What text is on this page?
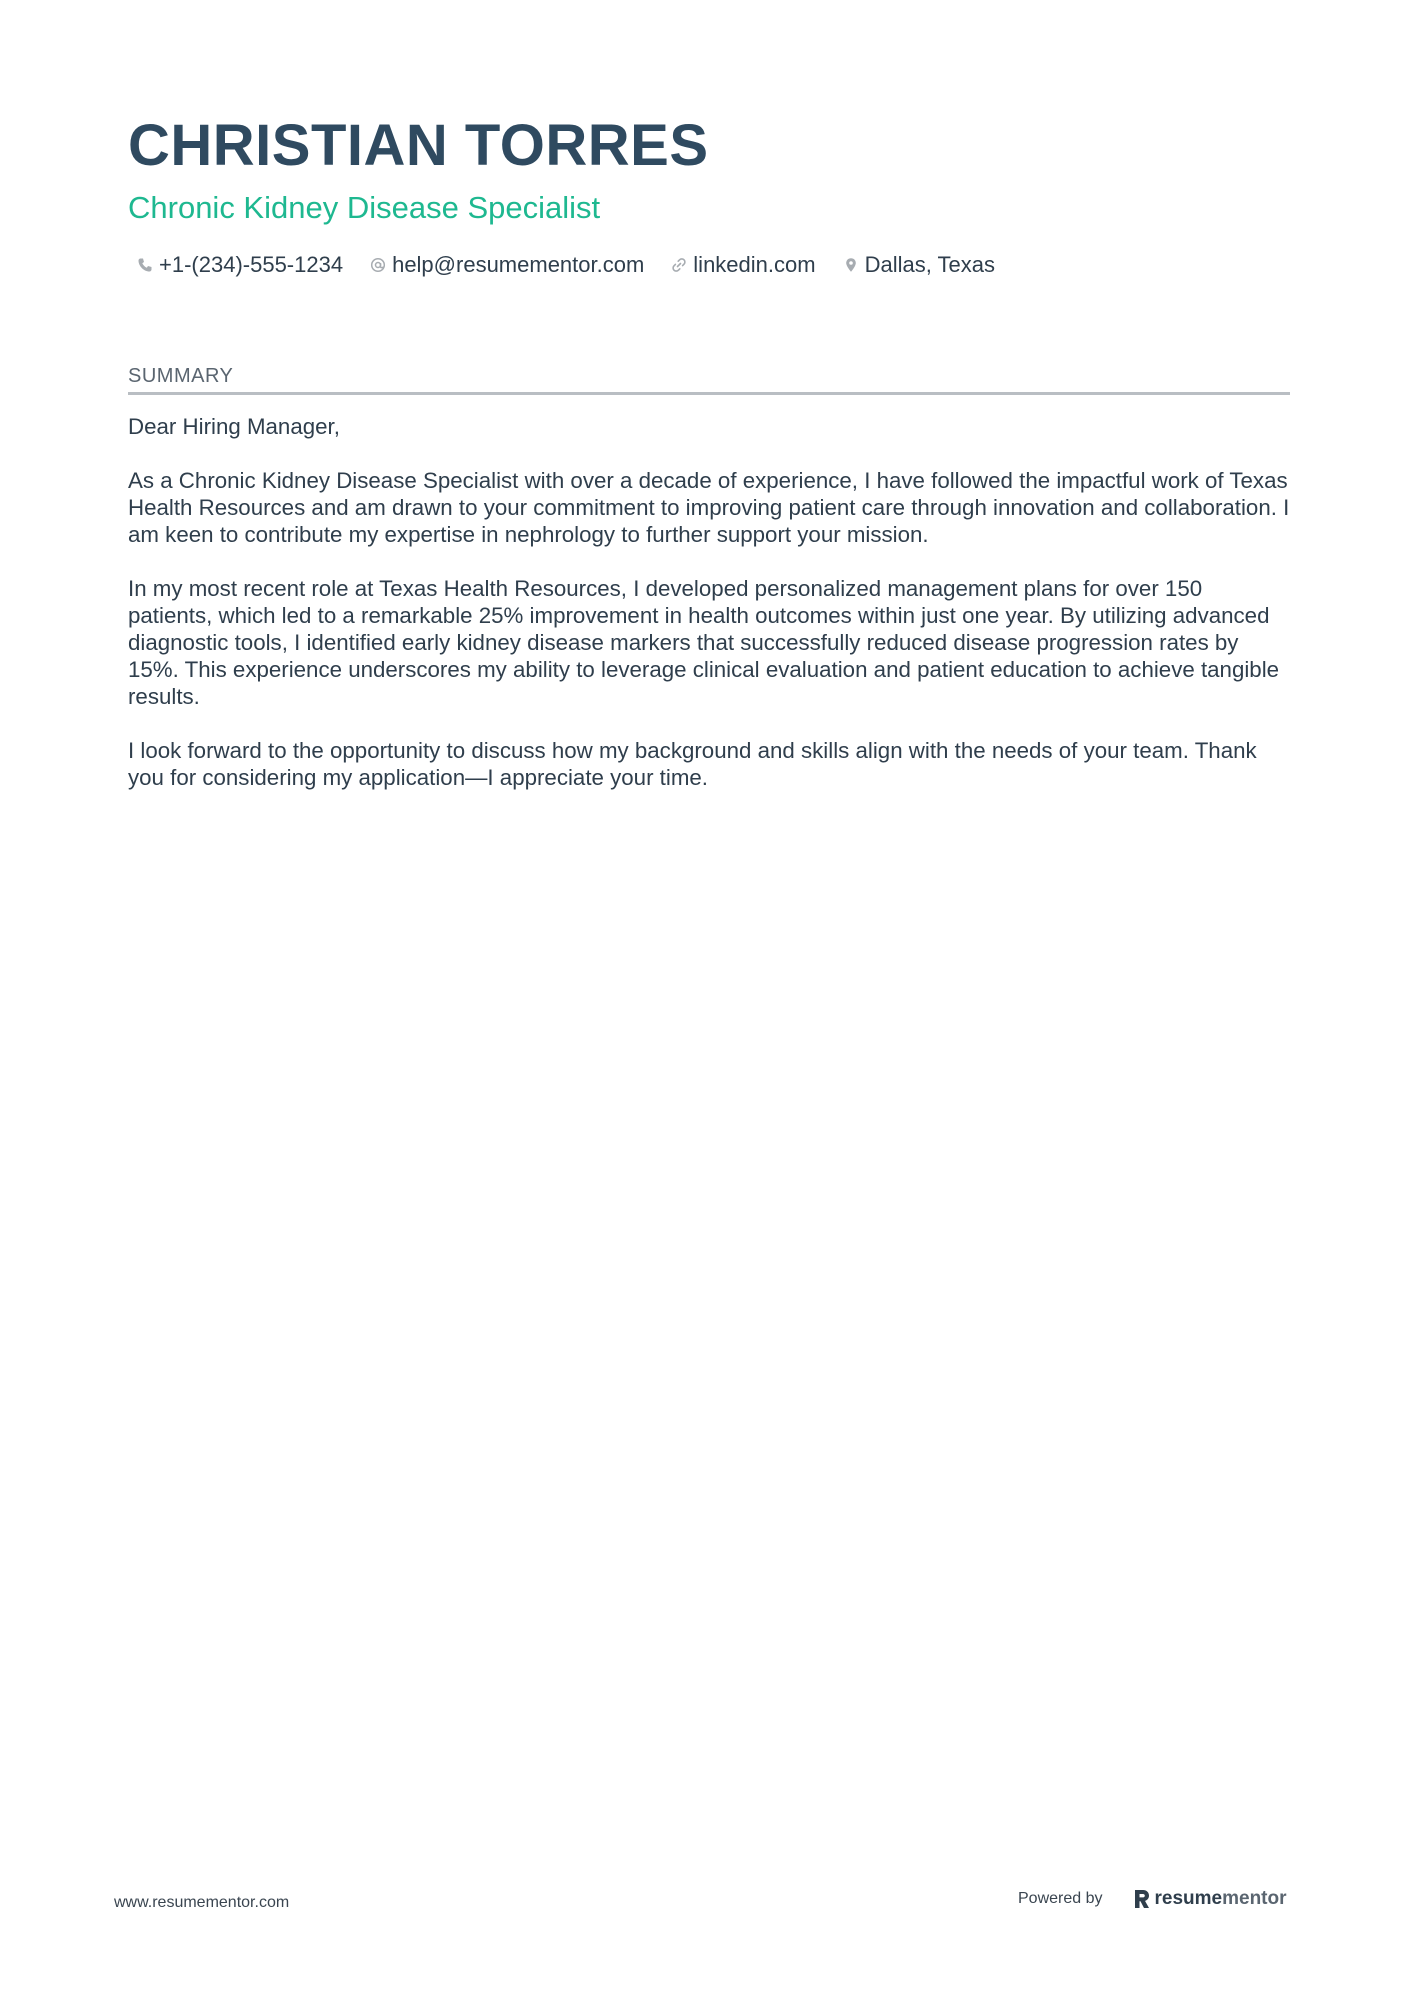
CHRISTIAN TORRES
Chronic Kidney Disease Specialist
+1-(234)-555-1234 help@resumementor.com linkedin.com Dallas, Texas
SUMMARY

Dear Hiring Manager,

As a Chronic Kidney Disease Specialist with over a decade of experience, I have followed the impactful work of Texas Health Resources and am drawn to your commitment to improving patient care through innovation and collaboration. I am keen to contribute my expertise in nephrology to further support your mission.

In my most recent role at Texas Health Resources, I developed personalized management plans for over 150 patients, which led to a remarkable 25% improvement in health outcomes within just one year. By utilizing advanced diagnostic tools, I identified early kidney disease markers that successfully reduced disease progression rates by 15%. This experience underscores my ability to leverage clinical evaluation and patient education to achieve tangible results.

I look forward to the opportunity to discuss how my background and skills align with the needs of your team. Thank you for considering my application—I appreciate your time.

www.resumementor.com	Powered by	resume mentor
